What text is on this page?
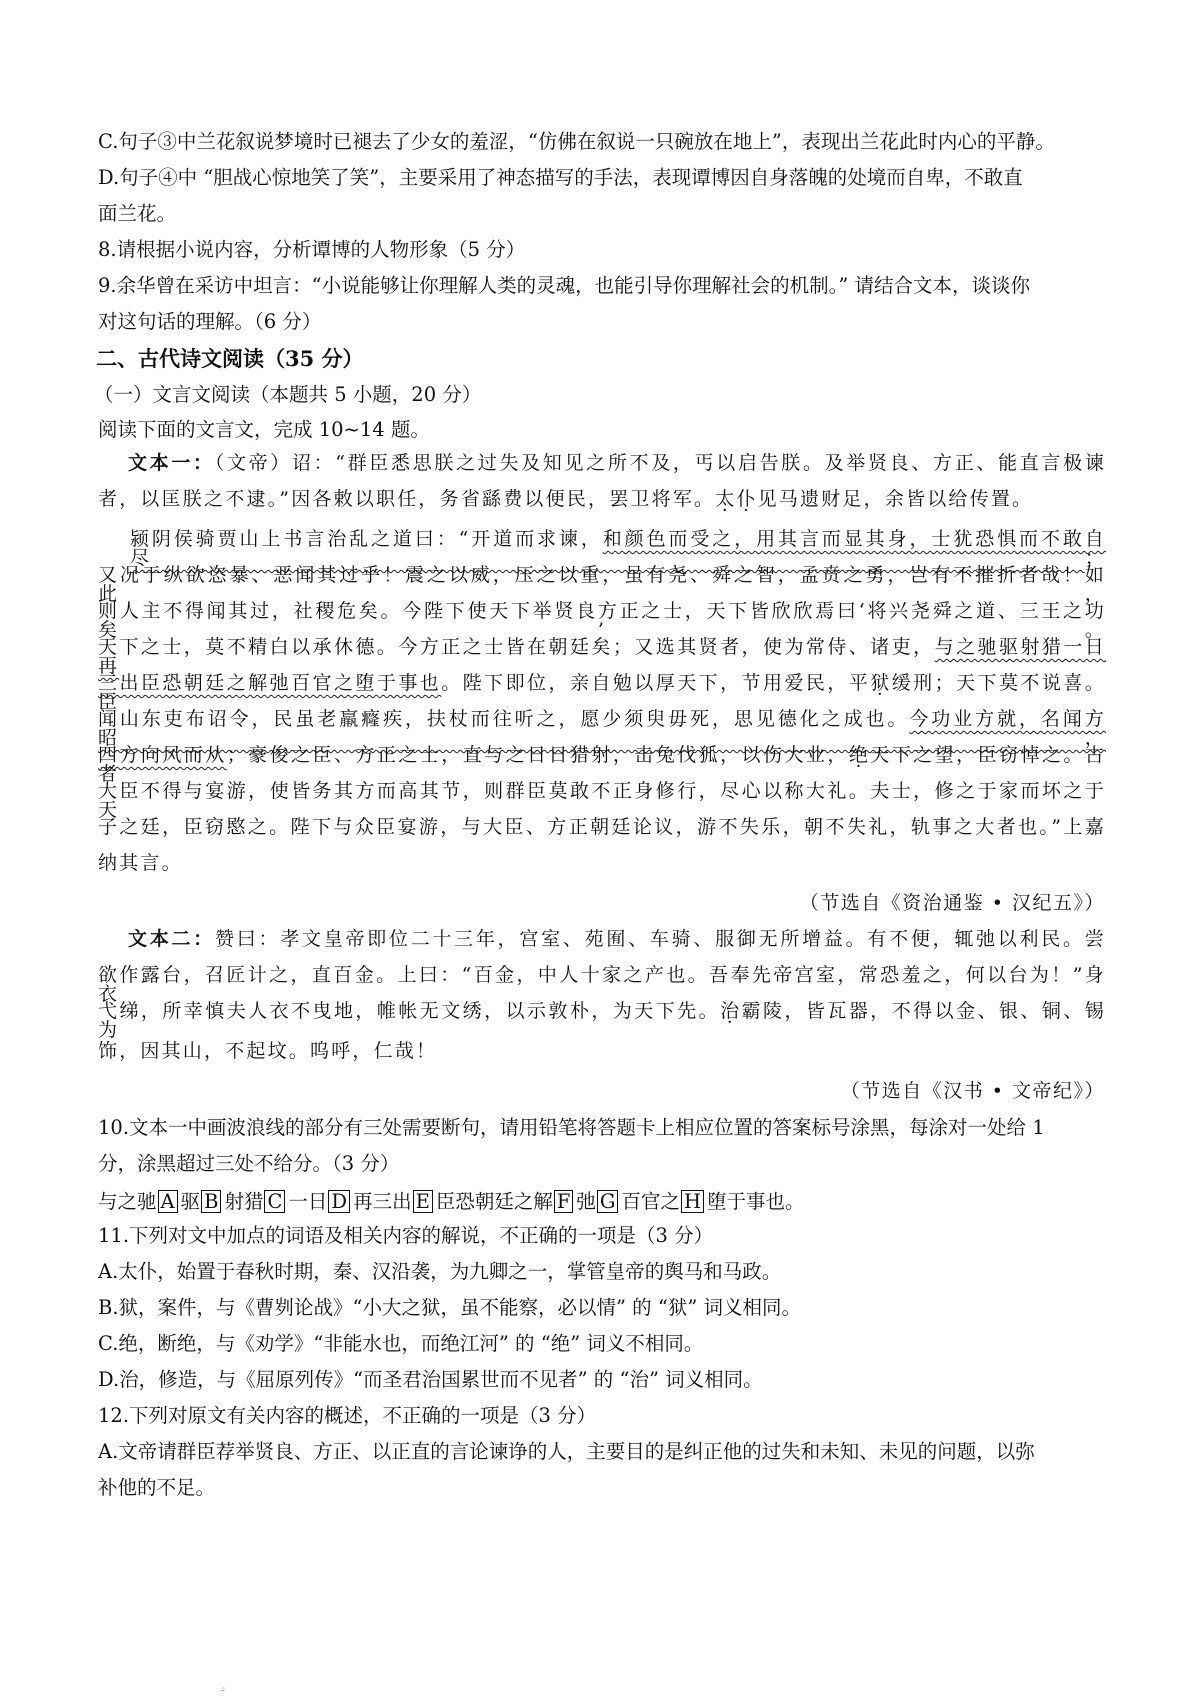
C.句子③中兰花叙说梦境时已褪去了少女的羞涩，“仿佛在叙说一只碗放在地上”，表现出兰花此时内心的平静。
D.句子④中 “胆战心惊地笑了笑”，主要采用了神态描写的手法，表现谭博因自身落魄的处境而自卑，不敢直
面兰花。
8.请根据小说内容，分析谭博的人物形象（5 分）
9.余华曾在采访中坦言：“小说能够让你理解人类的灵魂，也能引导你理解社会的机制。” 请结合文本，谈谈你
对这句话的理解。（6 分）
二、古代诗文阅读（35 分）
（一）文言文阅读（本题共 5 小题，20 分）
阅读下面的文言文，完成 10~14 题。
文本一：（文帝）诏：“群臣悉思朕之过失及知见之所不及，丐以启告朕。及举贤良、方正、能直言极谏
者，以匡朕之不逮。”因各敕以职任，务省繇费以便民，罢卫将军。太仆见马遗财足，余皆以给传置。
颍阴侯骑贾山上书言治乱之道曰：“开道而求谏，和颜色而受之，用其言而显其身，士犹恐惧而不敢自尽；
又况于纵欲恣暴、恶闻其过乎！震之以威，压之以重，虽有尧、舜之智，孟贲之勇，岂有不摧折者哉！如此，
则人主不得闻其过，社稷危矣。今陛下使天下举贤良方正之士，天下皆欣欣焉曰‘将兴尧舜之道、三王之功矣’。
天下之士，莫不精白以承休德。今方正之士皆在朝廷矣；又选其贤者，使为常侍、诸吏，与之驰驱射猎一日再
三出臣恐朝廷之解弛百官之堕于事也。陛下即位，亲自勉以厚天下，节用爱民，平狱缓刑；天下莫不说喜。臣
闻山东吏布诏令，民虽老羸癃疾，扶杖而往听之，愿少须臾毋死，思见德化之成也。今功业方就，名闻方昭，
四方向风而从；豪俊之臣、方正之士，直与之日日猎射，击兔伐狐，以伤大业，绝天下之望，臣窃悼之。古者
大臣不得与宴游，使皆务其方而高其节，则群臣莫敢不正身修行，尽心以称大礼。夫士，修之于家而坏之于天
子之廷，臣窃愍之。陛下与众臣宴游，与大臣、方正朝廷论议，游不失乐，朝不失礼，轨事之大者也。”上嘉
纳其言。
（节选自《资治通鉴 • 汉纪五》）
文本二：赞曰：孝文皇帝即位二十三年，宫室、苑囿、车骑、服御无所增益。有不便，辄弛以利民。尝
欲作露台，召匠计之，直百金。上曰：“百金，中人十家之产也。吾奉先帝宫室，常恐羞之，何以台为！”身衣
弋绨，所幸慎夫人衣不曳地，帷帐无文绣，以示敦朴，为天下先。治霸陵，皆瓦器，不得以金、银、铜、锡为
饰，因其山，不起坟。呜呼，仁哉！
（节选自《汉书 • 文帝纪》）
10.文本一中画波浪线的部分有三处需要断句，请用铅笔将答题卡上相应位置的答案标号涂黑，每涂对一处给 1
分，涂黑超过三处不给分。（3 分）
与之驰 A 驱 B 射猎 C 一日 D 再三出 E 臣恐朝廷之解 F 弛 G 百官之 H 堕于事也。
11.下列对文中加点的词语及相关内容的解说，不正确的一项是（3 分）
A.太仆，始置于春秋时期，秦、汉沿袭，为九卿之一，掌管皇帝的舆马和马政。
B.狱，案件，与《曹刿论战》“小大之狱，虽不能察，必以情” 的 “狱” 词义相同。
C.绝，断绝，与《劝学》“非能水也，而绝江河” 的 “绝” 词义不相同。
D.治，修造，与《屈原列传》“而圣君治国累世而不见者” 的 “治” 词义相同。
12.下列对原文有关内容的概述，不正确的一项是（3 分）
A.文帝请群臣荐举贤良、方正、以正直的言论谏诤的人，主要目的是纠正他的过失和未知、未见的问题，以弥
补他的不足。
.:
